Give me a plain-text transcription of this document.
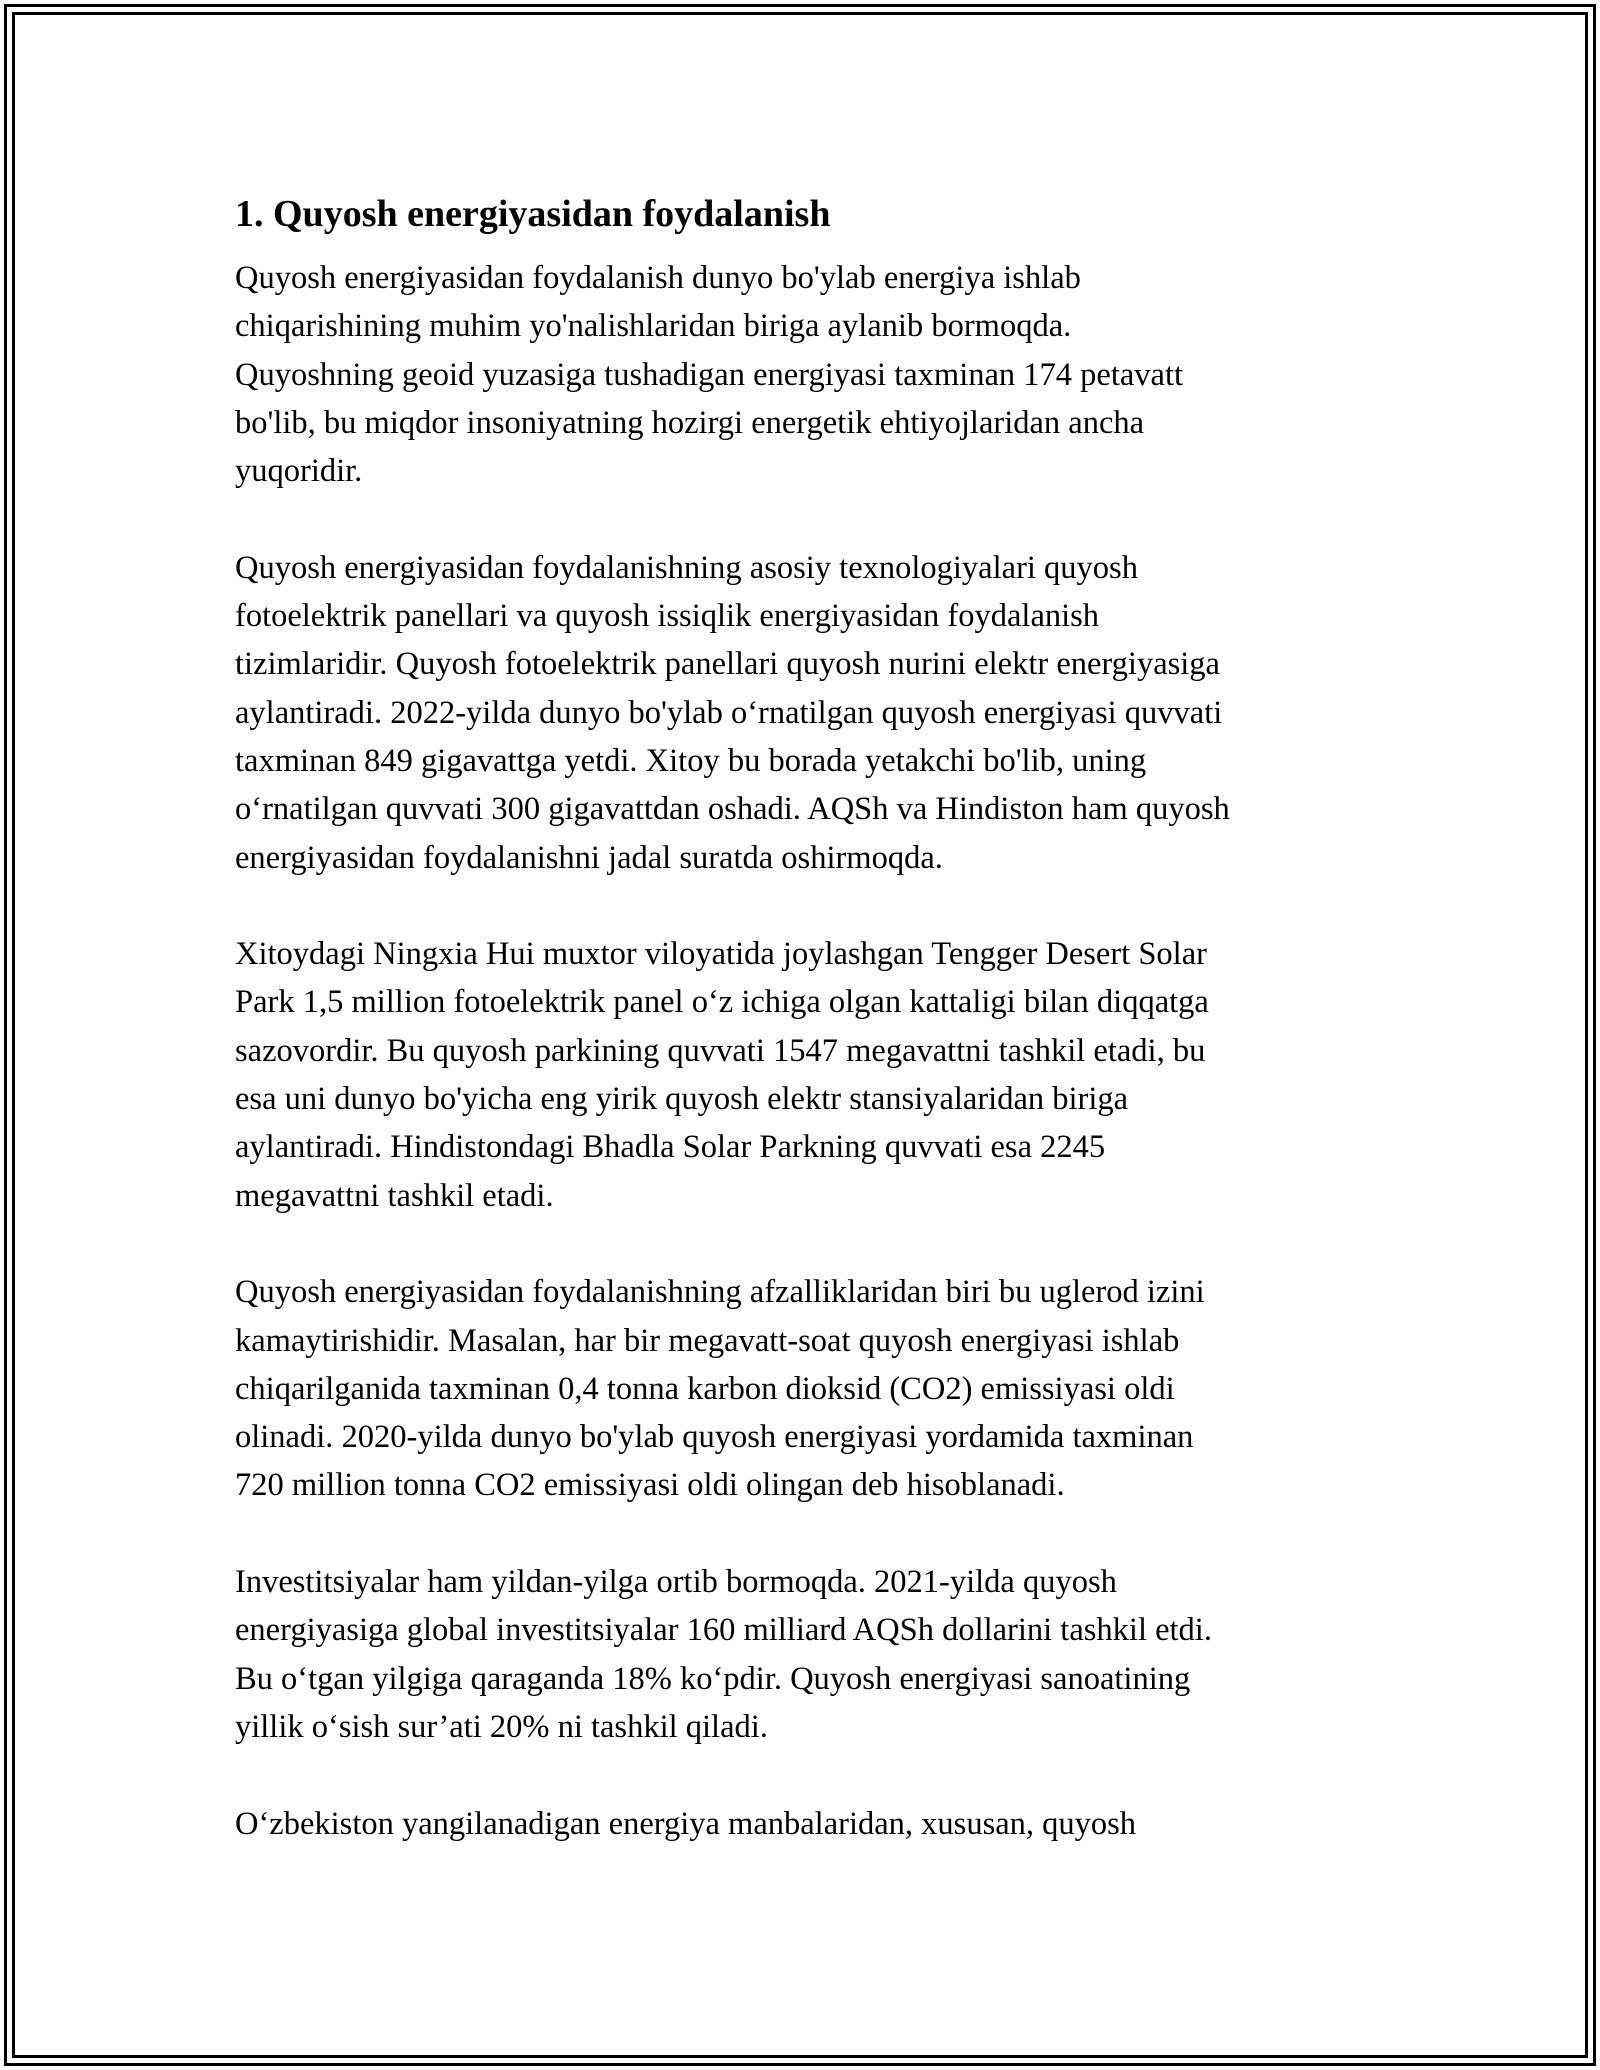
1. Quyosh energiyasidan foydalanish

Quyosh energiyasidan foydalanish dunyo bo'ylab energiya ishlab
chiqarishining muhim yo'nalishlaridan biriga aylanib bormoqda.
Quyoshning geoid yuzasiga tushadigan energiyasi taxminan 174 petavatt
bo'lib, bu miqdor insoniyatning hozirgi energetik ehtiyojlaridan ancha
yuqoridir.

Quyosh energiyasidan foydalanishning asosiy texnologiyalari quyosh
fotoelektrik panellari va quyosh issiqlik energiyasidan foydalanish
tizimlaridir. Quyosh fotoelektrik panellari quyosh nurini elektr energiyasiga
aylantiradi. 2022-yilda dunyo bo'ylab o‘rnatilgan quyosh energiyasi quvvati
taxminan 849 gigavattga yetdi. Xitoy bu borada yetakchi bo'lib, uning
o‘rnatilgan quvvati 300 gigavattdan oshadi. AQSh va Hindiston ham quyosh
energiyasidan foydalanishni jadal suratda oshirmoqda.

Xitoydagi Ningxia Hui muxtor viloyatida joylashgan Tengger Desert Solar
Park 1,5 million fotoelektrik panel o‘z ichiga olgan kattaligi bilan diqqatga
sazovordir. Bu quyosh parkining quvvati 1547 megavattni tashkil etadi, bu
esa uni dunyo bo'yicha eng yirik quyosh elektr stansiyalaridan biriga
aylantiradi. Hindistondagi Bhadla Solar Parkning quvvati esa 2245
megavattni tashkil etadi.

Quyosh energiyasidan foydalanishning afzalliklaridan biri bu uglerod izini
kamaytirishidir. Masalan, har bir megavatt-soat quyosh energiyasi ishlab
chiqarilganida taxminan 0,4 tonna karbon dioksid (CO2) emissiyasi oldi
olinadi. 2020-yilda dunyo bo'ylab quyosh energiyasi yordamida taxminan
720 million tonna CO2 emissiyasi oldi olingan deb hisoblanadi.

Investitsiyalar ham yildan-yilga ortib bormoqda. 2021-yilda quyosh
energiyasiga global investitsiyalar 160 milliard AQSh dollarini tashkil etdi.
Bu o‘tgan yilgiga qaraganda 18% ko‘pdir. Quyosh energiyasi sanoatining
yillik o‘sish sur’ati 20% ni tashkil qiladi.

O‘zbekiston yangilanadigan energiya manbalaridan, xususan, quyosh
